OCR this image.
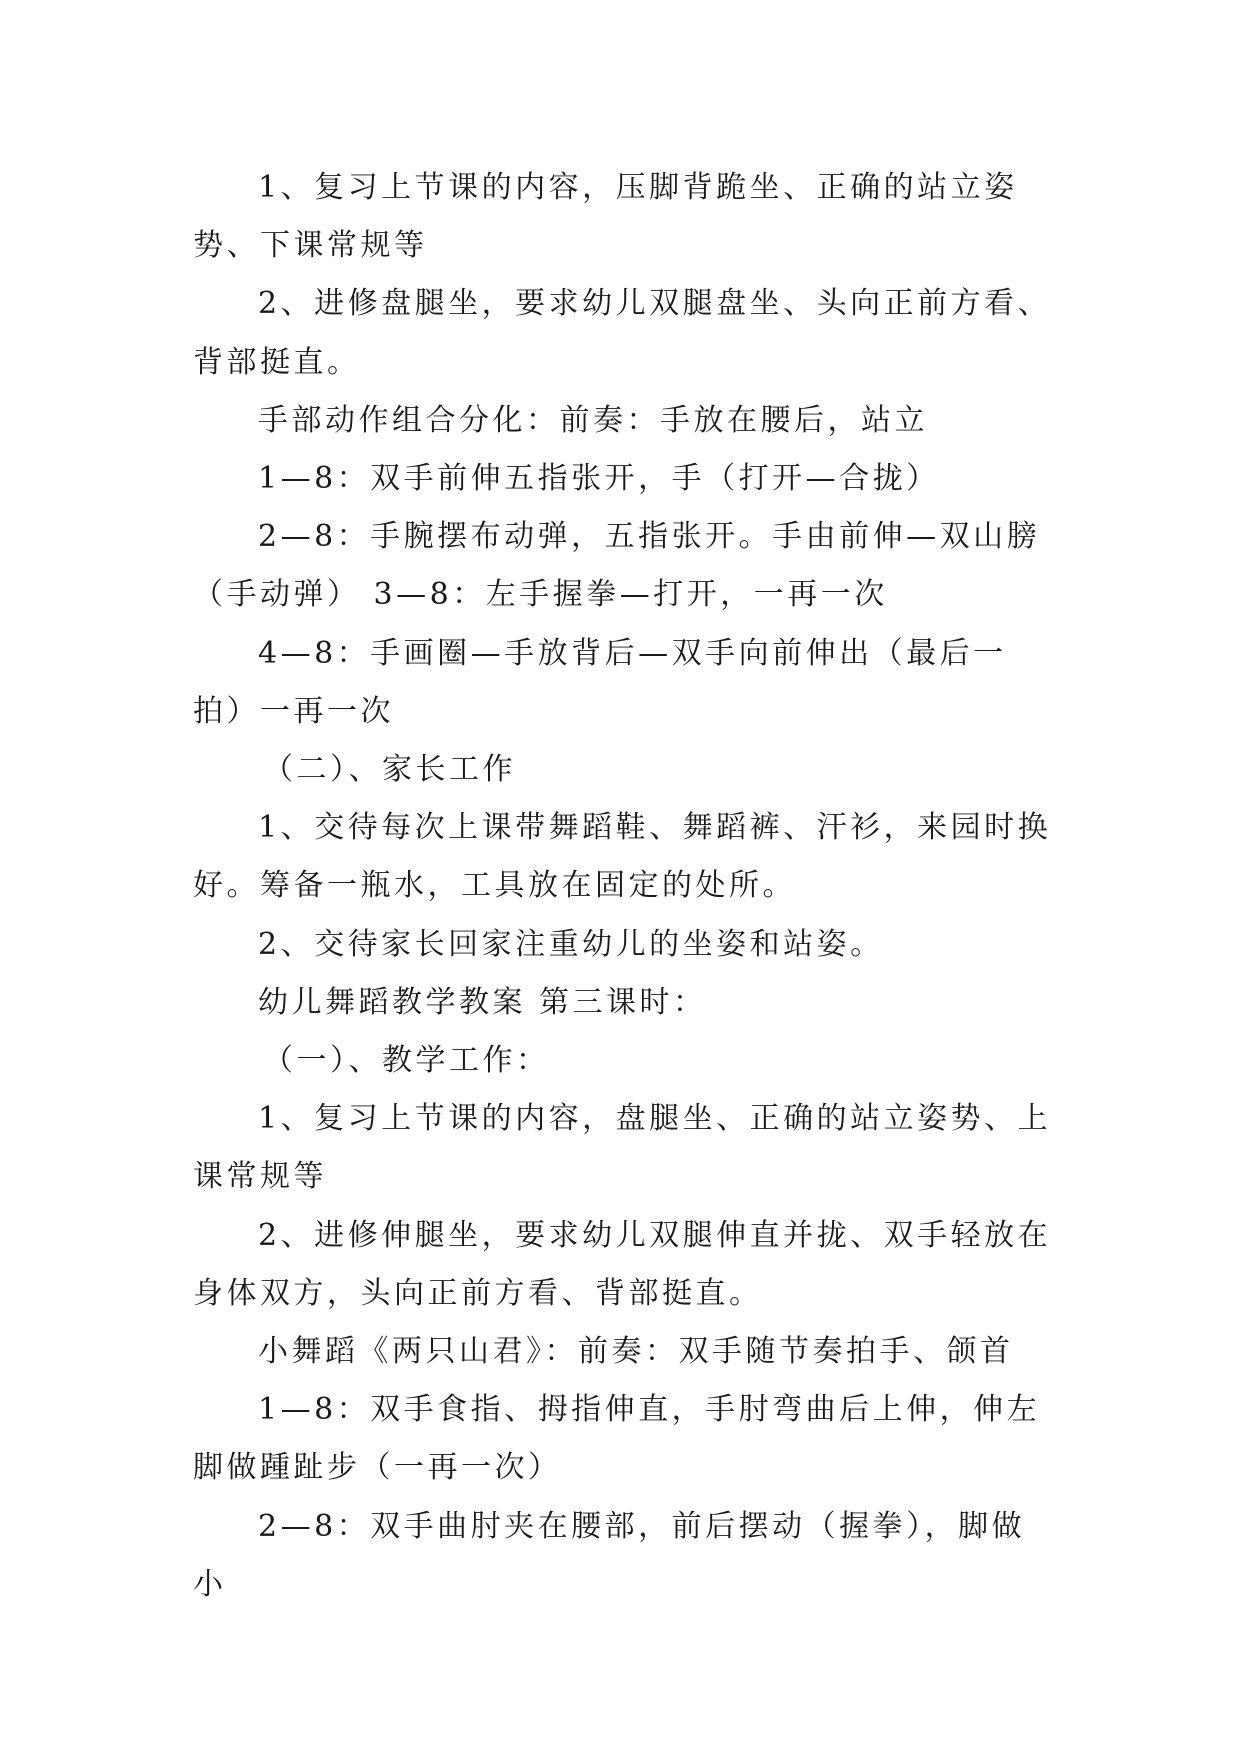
1、复习上节课的内容，压脚背跪坐、正确的站立姿势、下课常规等

2、进修盘腿坐，要求幼儿双腿盘坐、头向正前方看、背部挺直。

手部动作组合分化：前奏：手放在腰后，站立

1—8：双手前伸五指张开，手（打开—合拢）

2—8：手腕摆布动弹，五指张开。手由前伸—双山膀（手动弹） 3—8：左手握拳—打开，一再一次

4—8：手画圈—手放背后—双手向前伸出（最后一拍）一再一次

（二）、家长工作

1、交待每次上课带舞蹈鞋、舞蹈裤、汗衫，来园时换好。筹备一瓶水，工具放在固定的处所。

2、交待家长回家注重幼儿的坐姿和站姿。

幼儿舞蹈教学教案 第三课时：

（一）、教学工作：

1、复习上节课的内容，盘腿坐、正确的站立姿势、上课常规等

2、进修伸腿坐，要求幼儿双腿伸直并拢、双手轻放在身体双方，头向正前方看、背部挺直。

小舞蹈《两只山君》：前奏：双手随节奏拍手、颌首

1—8：双手食指、拇指伸直，手肘弯曲后上伸，伸左脚做踵趾步（一再一次）

2—8：双手曲肘夹在腰部，前后摆动（握拳），脚做小
